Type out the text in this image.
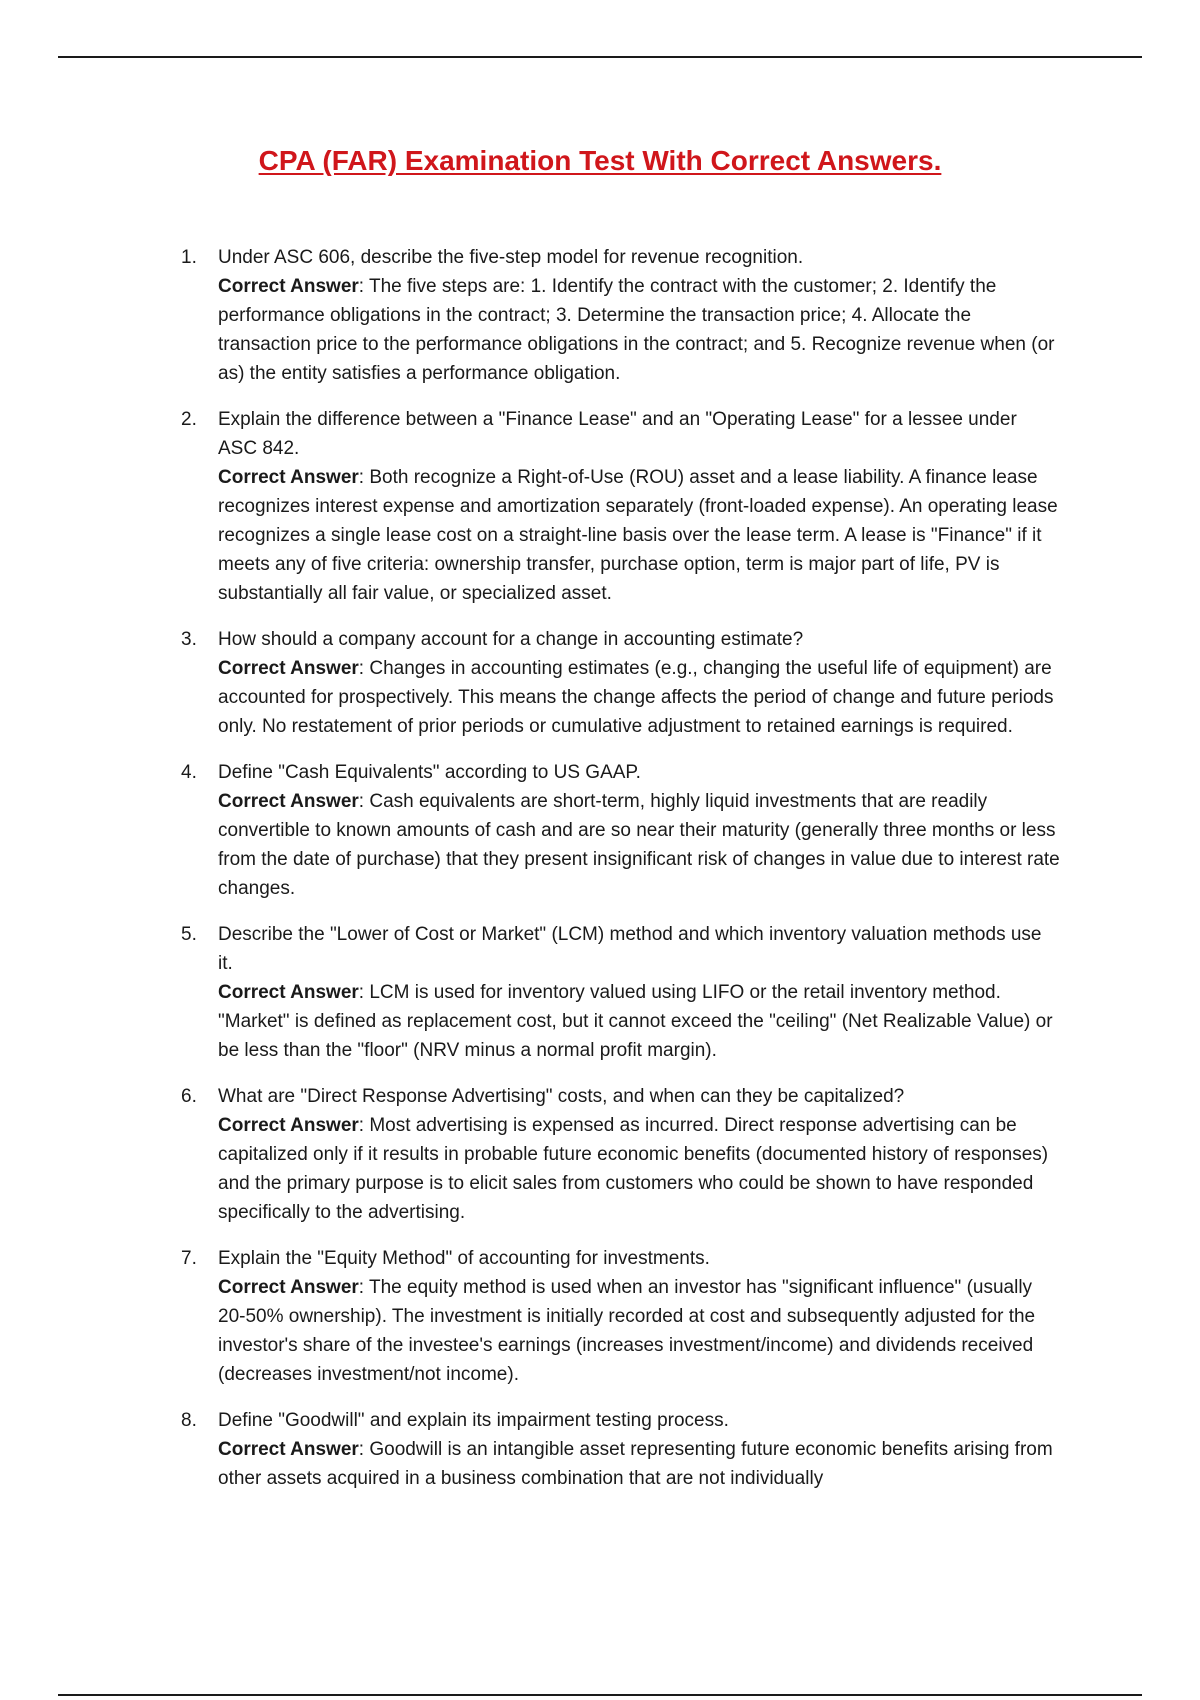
CPA (FAR) Examination Test With Correct Answers.
1. Under ASC 606, describe the five-step model for revenue recognition.
Correct Answer: The five steps are: 1. Identify the contract with the customer; 2. Identify the performance obligations in the contract; 3. Determine the transaction price; 4. Allocate the transaction price to the performance obligations in the contract; and 5. Recognize revenue when (or as) the entity satisfies a performance obligation.
2. Explain the difference between a "Finance Lease" and an "Operating Lease" for a lessee under ASC 842.
Correct Answer: Both recognize a Right-of-Use (ROU) asset and a lease liability. A finance lease recognizes interest expense and amortization separately (front-loaded expense). An operating lease recognizes a single lease cost on a straight-line basis over the lease term. A lease is "Finance" if it meets any of five criteria: ownership transfer, purchase option, term is major part of life, PV is substantially all fair value, or specialized asset.
3. How should a company account for a change in accounting estimate?
Correct Answer: Changes in accounting estimates (e.g., changing the useful life of equipment) are accounted for prospectively. This means the change affects the period of change and future periods only. No restatement of prior periods or cumulative adjustment to retained earnings is required.
4. Define "Cash Equivalents" according to US GAAP.
Correct Answer: Cash equivalents are short-term, highly liquid investments that are readily convertible to known amounts of cash and are so near their maturity (generally three months or less from the date of purchase) that they present insignificant risk of changes in value due to interest rate changes.
5. Describe the "Lower of Cost or Market" (LCM) method and which inventory valuation methods use it.
Correct Answer: LCM is used for inventory valued using LIFO or the retail inventory method. "Market" is defined as replacement cost, but it cannot exceed the "ceiling" (Net Realizable Value) or be less than the "floor" (NRV minus a normal profit margin).
6. What are "Direct Response Advertising" costs, and when can they be capitalized?
Correct Answer: Most advertising is expensed as incurred. Direct response advertising can be capitalized only if it results in probable future economic benefits (documented history of responses) and the primary purpose is to elicit sales from customers who could be shown to have responded specifically to the advertising.
7. Explain the "Equity Method" of accounting for investments.
Correct Answer: The equity method is used when an investor has "significant influence" (usually 20-50% ownership). The investment is initially recorded at cost and subsequently adjusted for the investor's share of the investee's earnings (increases investment/income) and dividends received (decreases investment/not income).
8. Define "Goodwill" and explain its impairment testing process.
Correct Answer: Goodwill is an intangible asset representing future economic benefits arising from other assets acquired in a business combination that are not individually
